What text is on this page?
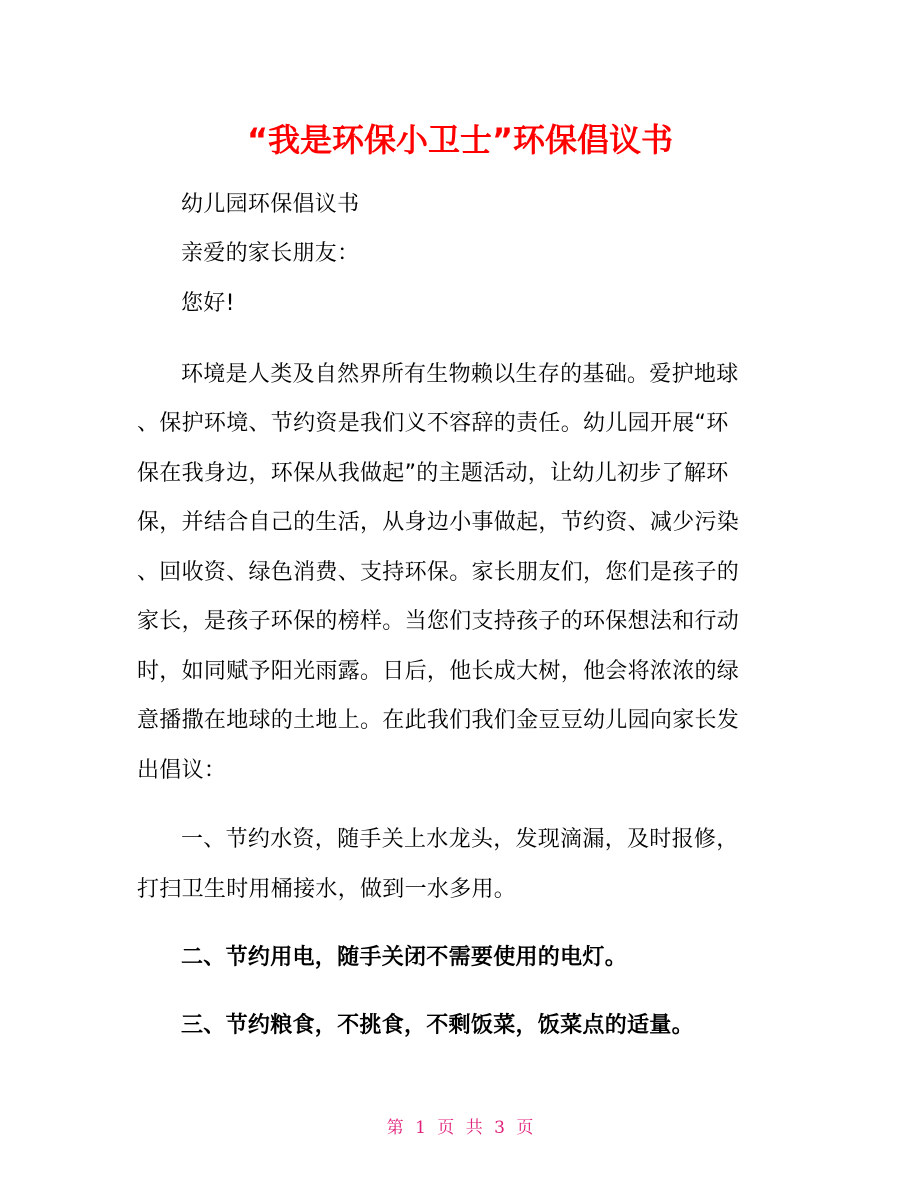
“我是环保小卫士”环保倡议书
幼儿园环保倡议书
亲爱的家长朋友：
您好!
环境是人类及自然界所有生物赖以生存的基础。爱护地球
、保护环境、节约资是我们义不容辞的责任。幼儿园开展“环
保在我身边，环保从我做起”的主题活动，让幼儿初步了解环
保，并结合自己的生活，从身边小事做起，节约资、减少污染
、回收资、绿色消费、支持环保。家长朋友们，您们是孩子的
家长，是孩子环保的榜样。当您们支持孩子的环保想法和行动
时，如同赋予阳光雨露。日后，他长成大树，他会将浓浓的绿
意播撒在地球的土地上。在此我们我们金豆豆幼儿园向家长发
出倡议：
一、节约水资，随手关上水龙头，发现滴漏，及时报修，
打扫卫生时用桶接水，做到一水多用。
二、节约用电，随手关闭不需要使用的电灯。
三、节约粮食，不挑食，不剩饭菜，饭菜点的适量。
第 1 页 共 3 页
